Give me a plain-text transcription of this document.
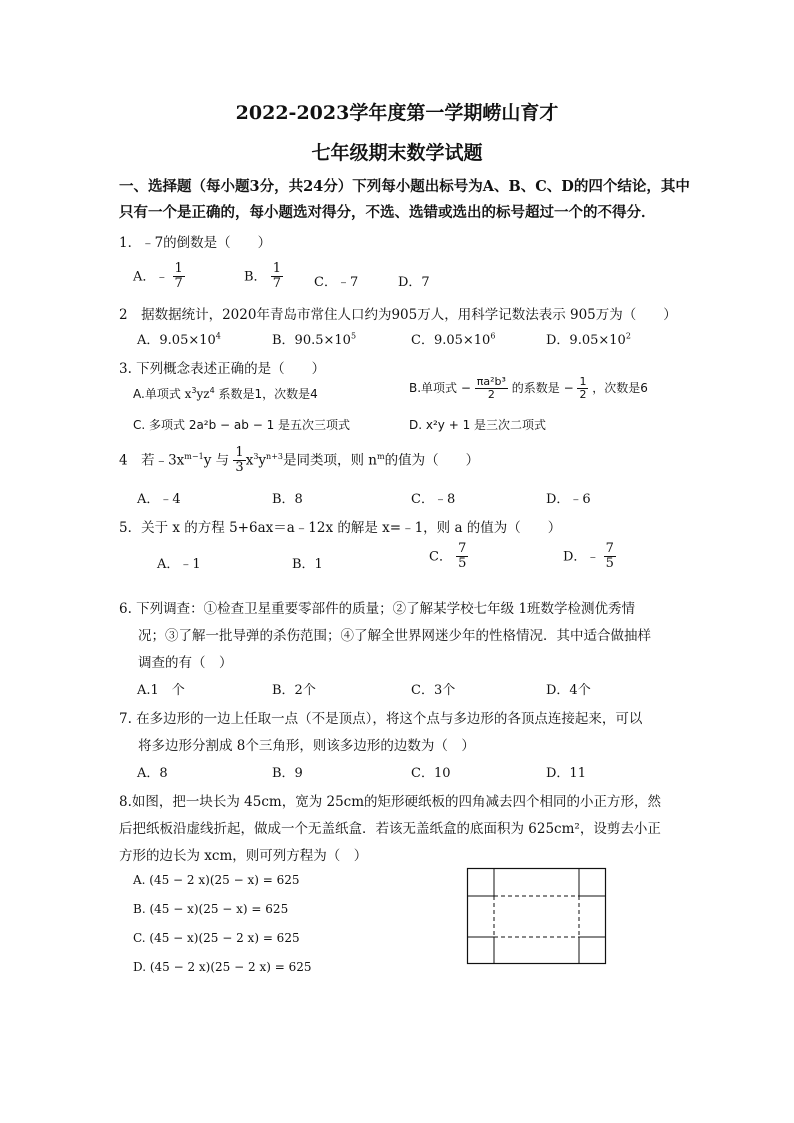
2022-2023学年度第一学期崂山育才
七年级期末数学试题
一、选择题（每小题3分，共24分）下列每小题出标号为A、B、C、D的四个结论，其中
只有一个是正确的，每小题选对得分，不选、选错或选出的标号超过一个的不得分．
1．﹣7的倒数是（　　）
A．﹣ $\frac{1}{7}$	B． $\frac{1}{7}$ C．﹣7	D．7
2　据数据统计，2020年青岛市常住人口约为905万人，用科学记数法表示 905万为（　　）
A．$9.05\times 10^4$	B．$90.5\times 10^5$	C．$9.05\times 10^6$	D．$9.05\times 10^2$
3. 下列概念表述正确的是（　　）
A.单项式 $x^3yz^4$ 系数是1，次数是4	B.单项式 − $\frac{\text{πa²b³}}{2}$ 的系数是 − $\frac{1}{2}$ ，次数是6
C. 多项式 2a²b − ab − 1 是五次三项式	D. x²y + 1 是三次二项式
4　若$﹣3x^{m-1}y$ 与 $\frac{1}{3} x^3y^{n+3}$是同类项，则 $n^m$的值为（　　）
A．﹣4	B．8	C．﹣8	D．﹣6
5．关于 x 的方程 5+6ax＝a﹣12x 的解是 x=﹣1，则 a 的值为（　　）
A．﹣1	B．1
C． $\frac{7}{5}$	D．﹣ $\frac{7}{5}$
6. 下列调查：①检查卫星重要零部件的质量；②了解某学校七年级 1班数学检测优秀情
况；③了解一批导弹的杀伤范围；④了解全世界网迷少年的性格情况．其中适合做抽样
调查的有（　）
A.1　个	B．2个	C．3个	D．4个
7. 在多边形的一边上任取一点（不是顶点），将这个点与多边形的各顶点连接起来，可以
将多边形分割成 8个三角形，则该多边形的边数为（　）
A．8	B．9	C．10	D．11
8.如图，把一块长为 45cm，宽为 25cm的矩形硬纸板的四角减去四个相同的小正方形，然
后把纸板沿虚线折起，做成一个无盖纸盒．若该无盖纸盒的底面积为 625cm²，设剪去小正
方形的边长为 xcm，则可列方程为（　）
A. (45 − 2 x)(25 − x) = 625
B. (45 − x)(25 − x) = 625
C. (45 − x)(25 − 2 x) = 625
D. (45 − 2 x)(25 − 2 x) = 625
